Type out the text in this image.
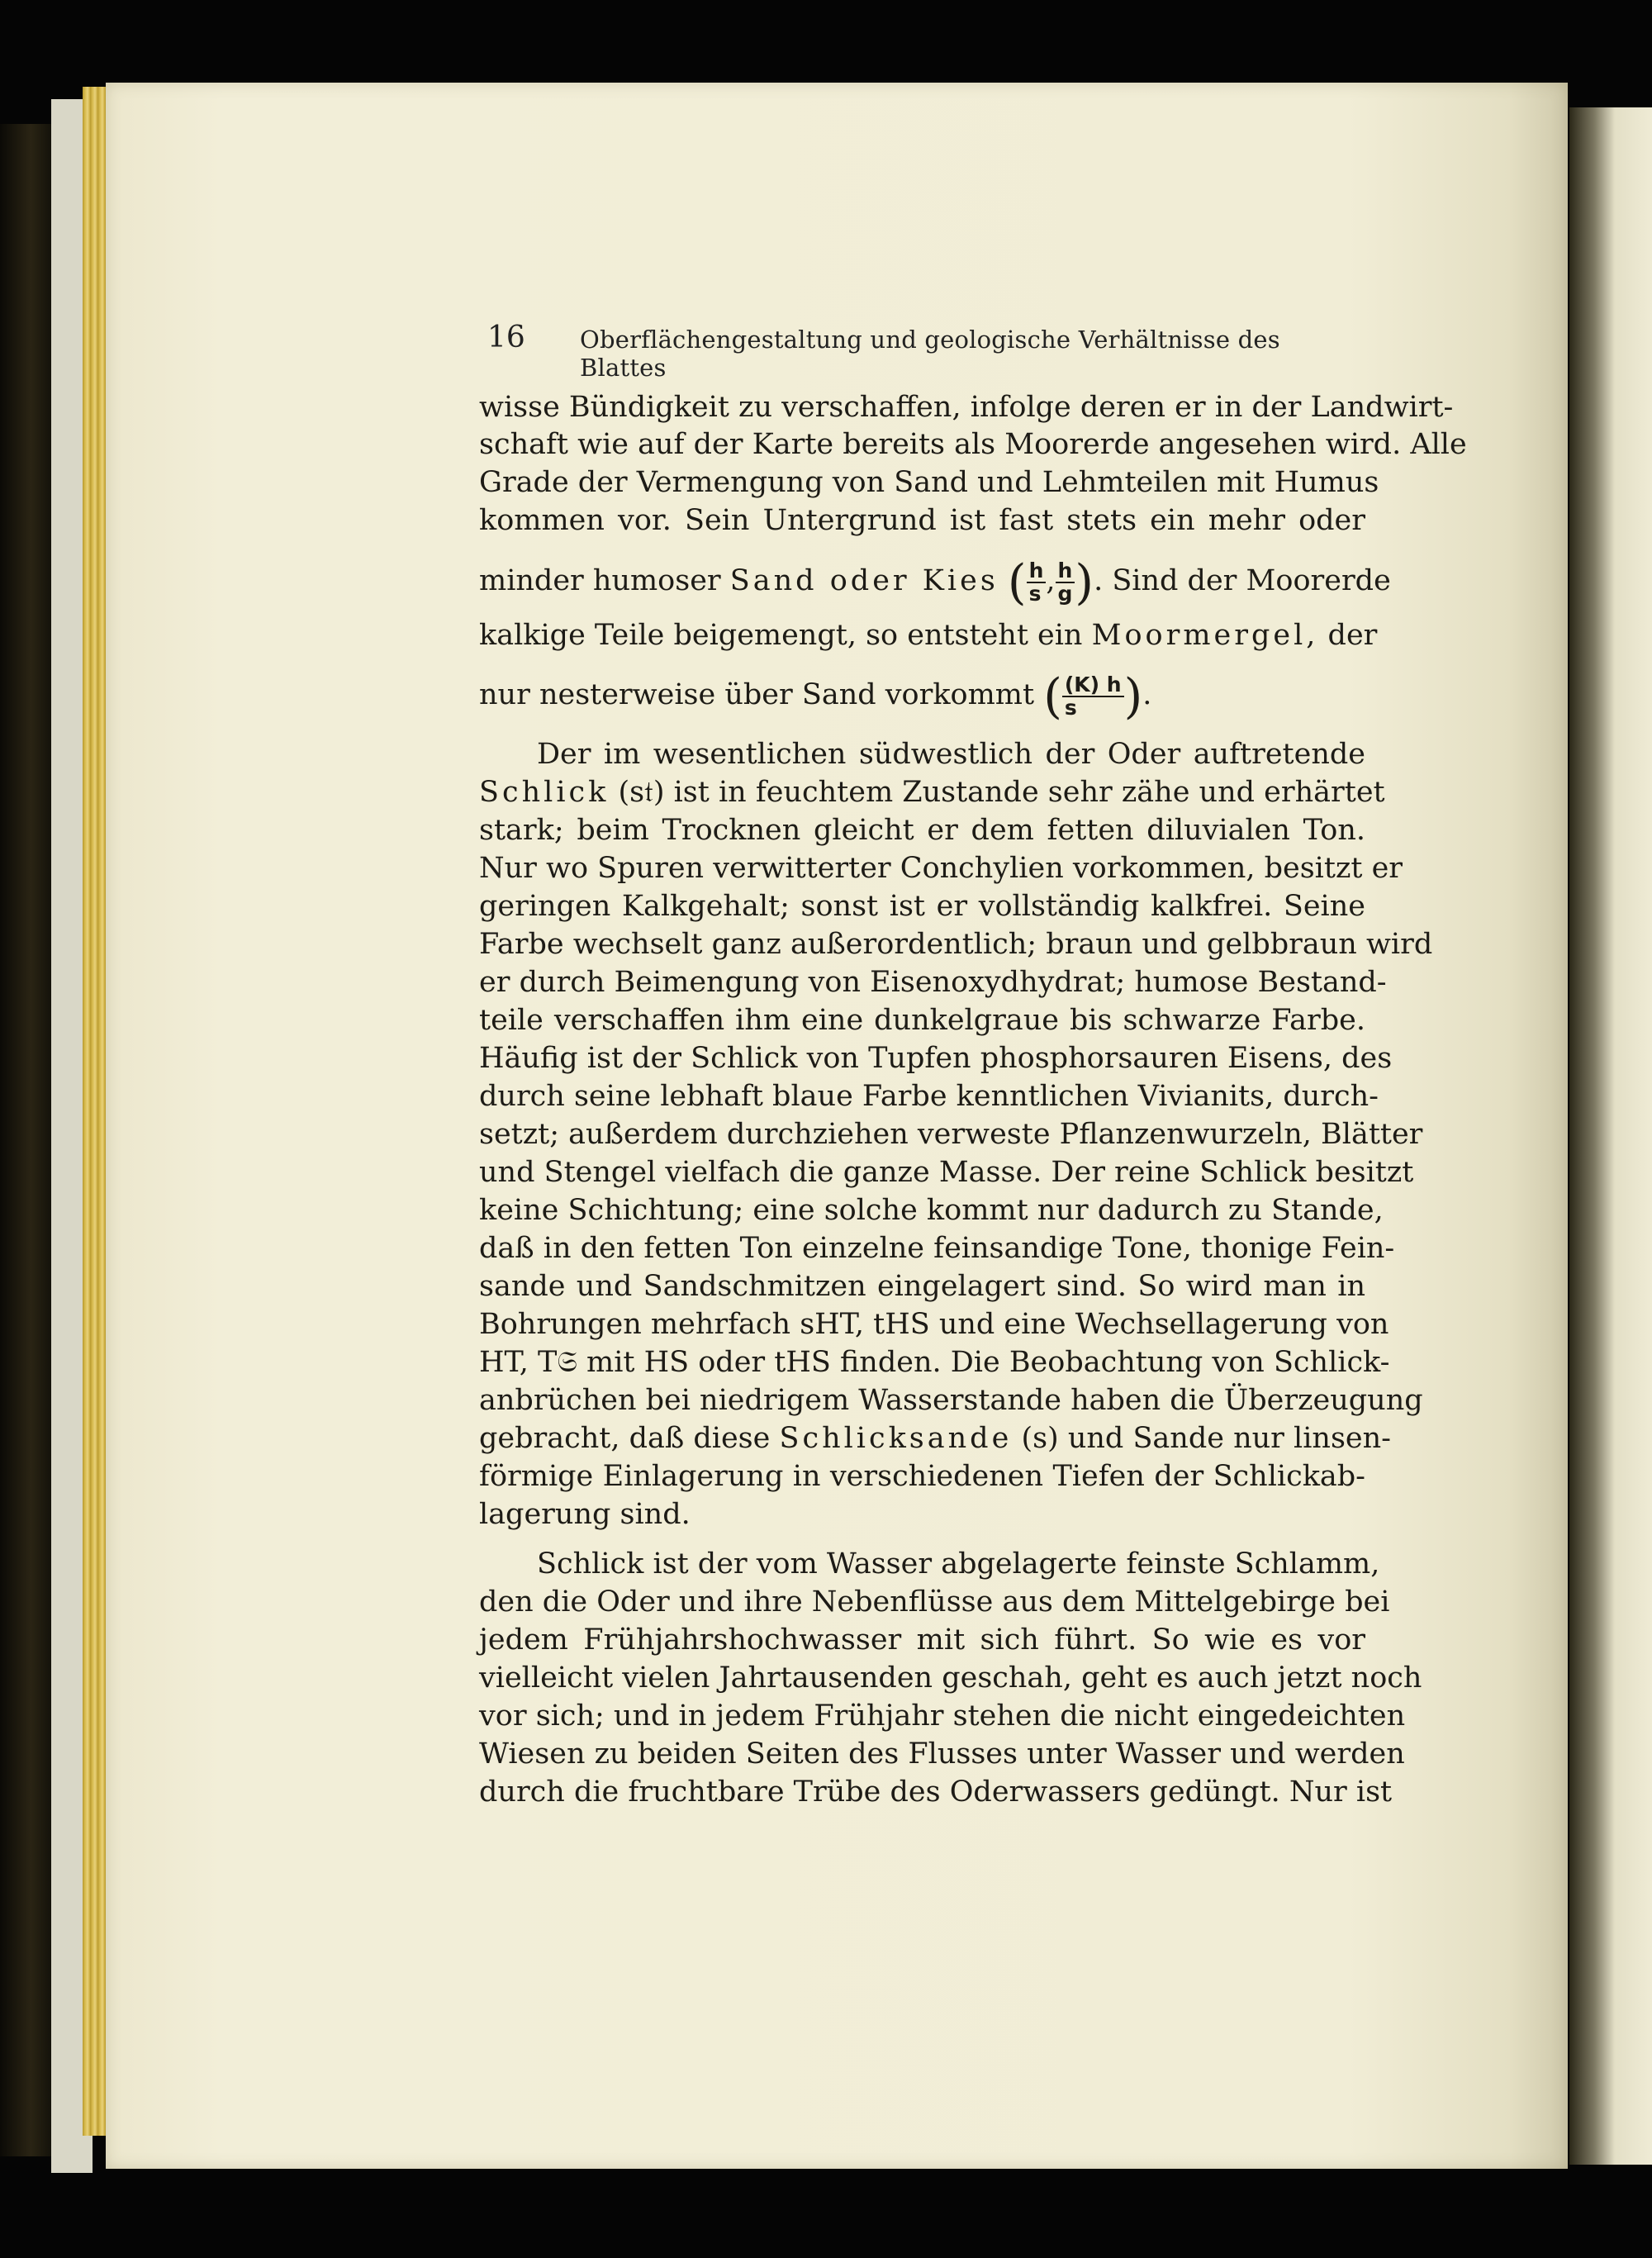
16 Oberflächengestaltung und geologische Verhältnisse des Blattes
wisse Bündigkeit zu verschaffen, infolge deren er in der Landwirt-
schaft wie auf der Karte bereits als Moorerde angesehen wird. Alle
Grade der Vermengung von Sand und Lehmteilen mit Humus
kommen vor. Sein Untergrund ist fast stets ein mehr oder
minder humoser Sand oder Kies ( $\frac{h}{s}$ , $\frac{h}{g}$ ). Sind der Moorerde
kalkige Teile beigemengt, so entsteht ein Moormergel, der
nur nesterweise über Sand vorkommt ( $\frac{(K) h}{s}$ ).
Der im wesentlichen südwestlich der Oder auftretende
Schlick (s𝔱) ist in feuchtem Zustande sehr zähe und erhärtet
stark; beim Trocknen gleicht er dem fetten diluvialen Ton.
Nur wo Spuren verwitterter Conchylien vorkommen, besitzt er
geringen Kalkgehalt; sonst ist er vollständig kalkfrei. Seine
Farbe wechselt ganz außerordentlich; braun und gelbbraun wird
er durch Beimengung von Eisenoxydhydrat; humose Bestand-
teile verschaffen ihm eine dunkelgraue bis schwarze Farbe.
Häufig ist der Schlick von Tupfen phosphorsauren Eisens, des
durch seine lebhaft blaue Farbe kenntlichen Vivianits, durch-
setzt; außerdem durchziehen verweste Pflanzenwurzeln, Blätter
und Stengel vielfach die ganze Masse. Der reine Schlick besitzt
keine Schichtung; eine solche kommt nur dadurch zu Stande,
daß in den fetten Ton einzelne feinsandige Tone, thonige Fein-
sande und Sandschmitzen eingelagert sind. So wird man in
Bohrungen mehrfach sHT, tHS und eine Wechsellagerung von
HT, T𝔖 mit HS oder tHS finden. Die Beobachtung von Schlick-
anbrüchen bei niedrigem Wasserstande haben die Überzeugung
gebracht, daß diese Schlicksande (s) und Sande nur linsen-
förmige Einlagerung in verschiedenen Tiefen der Schlickab-
lagerung sind.
Schlick ist der vom Wasser abgelagerte feinste Schlamm,
den die Oder und ihre Nebenflüsse aus dem Mittelgebirge bei
jedem Frühjahrshochwasser mit sich führt. So wie es vor
vielleicht vielen Jahrtausenden geschah, geht es auch jetzt noch
vor sich; und in jedem Frühjahr stehen die nicht eingedeichten
Wiesen zu beiden Seiten des Flusses unter Wasser und werden
durch die fruchtbare Trübe des Oderwassers gedüngt. Nur ist
